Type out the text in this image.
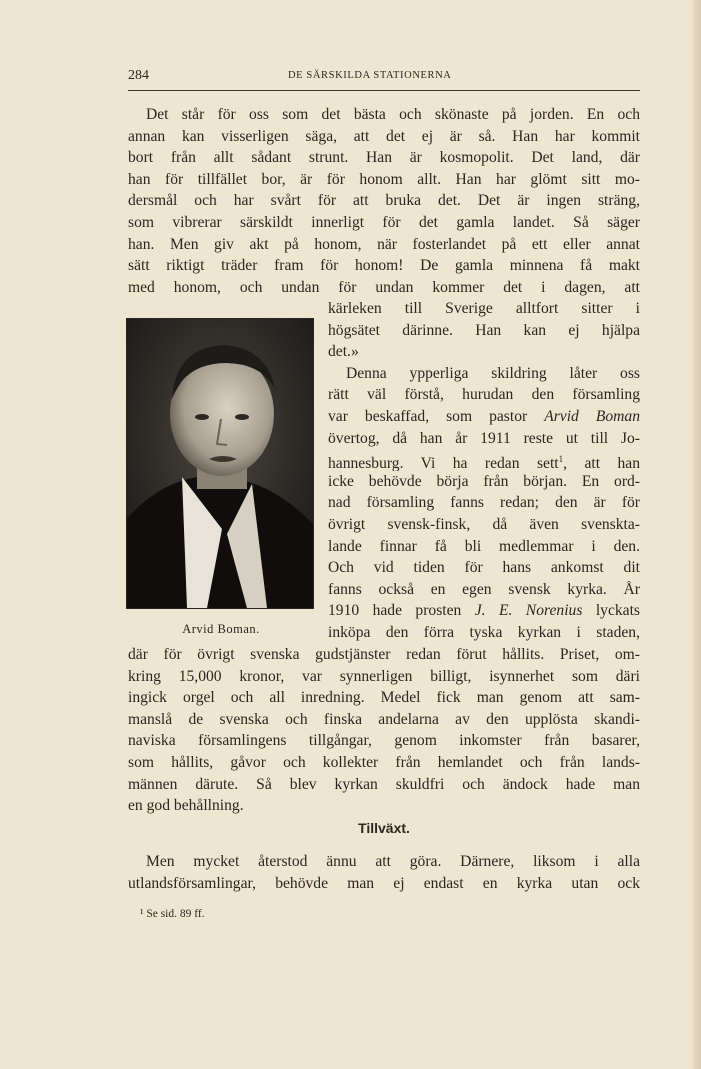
284	DE SÄRSKILDA STATIONERNA
Det står för oss som det bästa och skönaste på jorden. En och
annan kan visserligen säga, att det ej är så. Han har kommit
bort från allt sådant strunt. Han är kosmopolit. Det land, där
han för tillfället bor, är för honom allt. Han har glömt sitt mo-
dersmål och har svårt för att bruka det. Det är ingen sträng,
som vibrerar särskildt innerligt för det gamla landet. Så säger
han. Men giv akt på honom, när fosterlandet på ett eller annat
sätt riktigt träder fram för honom! De gamla minnena få makt
med honom, och undan för undan kommer det i dagen, att
Arvid Boman.
kärleken till Sverige alltfort sitter i
högsätet därinne. Han kan ej hjälpa
det.»
Denna ypperliga skildring låter oss
rätt väl förstå, hurudan den församling
var beskaffad, som pastor Arvid Boman
övertog, då han år 1911 reste ut till Jo-
hannesburg. Vi ha redan sett$^1$, att han
icke behövde börja från början. En ord-
nad församling fanns redan; den är för
övrigt svensk-finsk, då även svenskta-
lande finnar få bli medlemmar i den.
Och vid tiden för hans ankomst dit
fanns också en egen svensk kyrka. År
1910 hade prosten J. E. Norenius lyckats
inköpa den förra tyska kyrkan i staden,
där för övrigt svenska gudstjänster redan förut hållits. Priset, om-
kring 15,000 kronor, var synnerligen billigt, isynnerhet som däri
ingick orgel och all inredning. Medel fick man genom att sam-
manslå de svenska och finska andelarna av den upplösta skandi-
naviska församlingens tillgångar, genom inkomster från basarer,
som hållits, gåvor och kollekter från hemlandet och från lands-
männen därute. Så blev kyrkan skuldfri och ändock hade man
en god behållning.
Tillväxt.
Men mycket återstod ännu att göra. Därnere, liksom i alla
utlandsförsamlingar, behövde man ej endast en kyrka utan ock
¹ Se sid. 89 ff.
